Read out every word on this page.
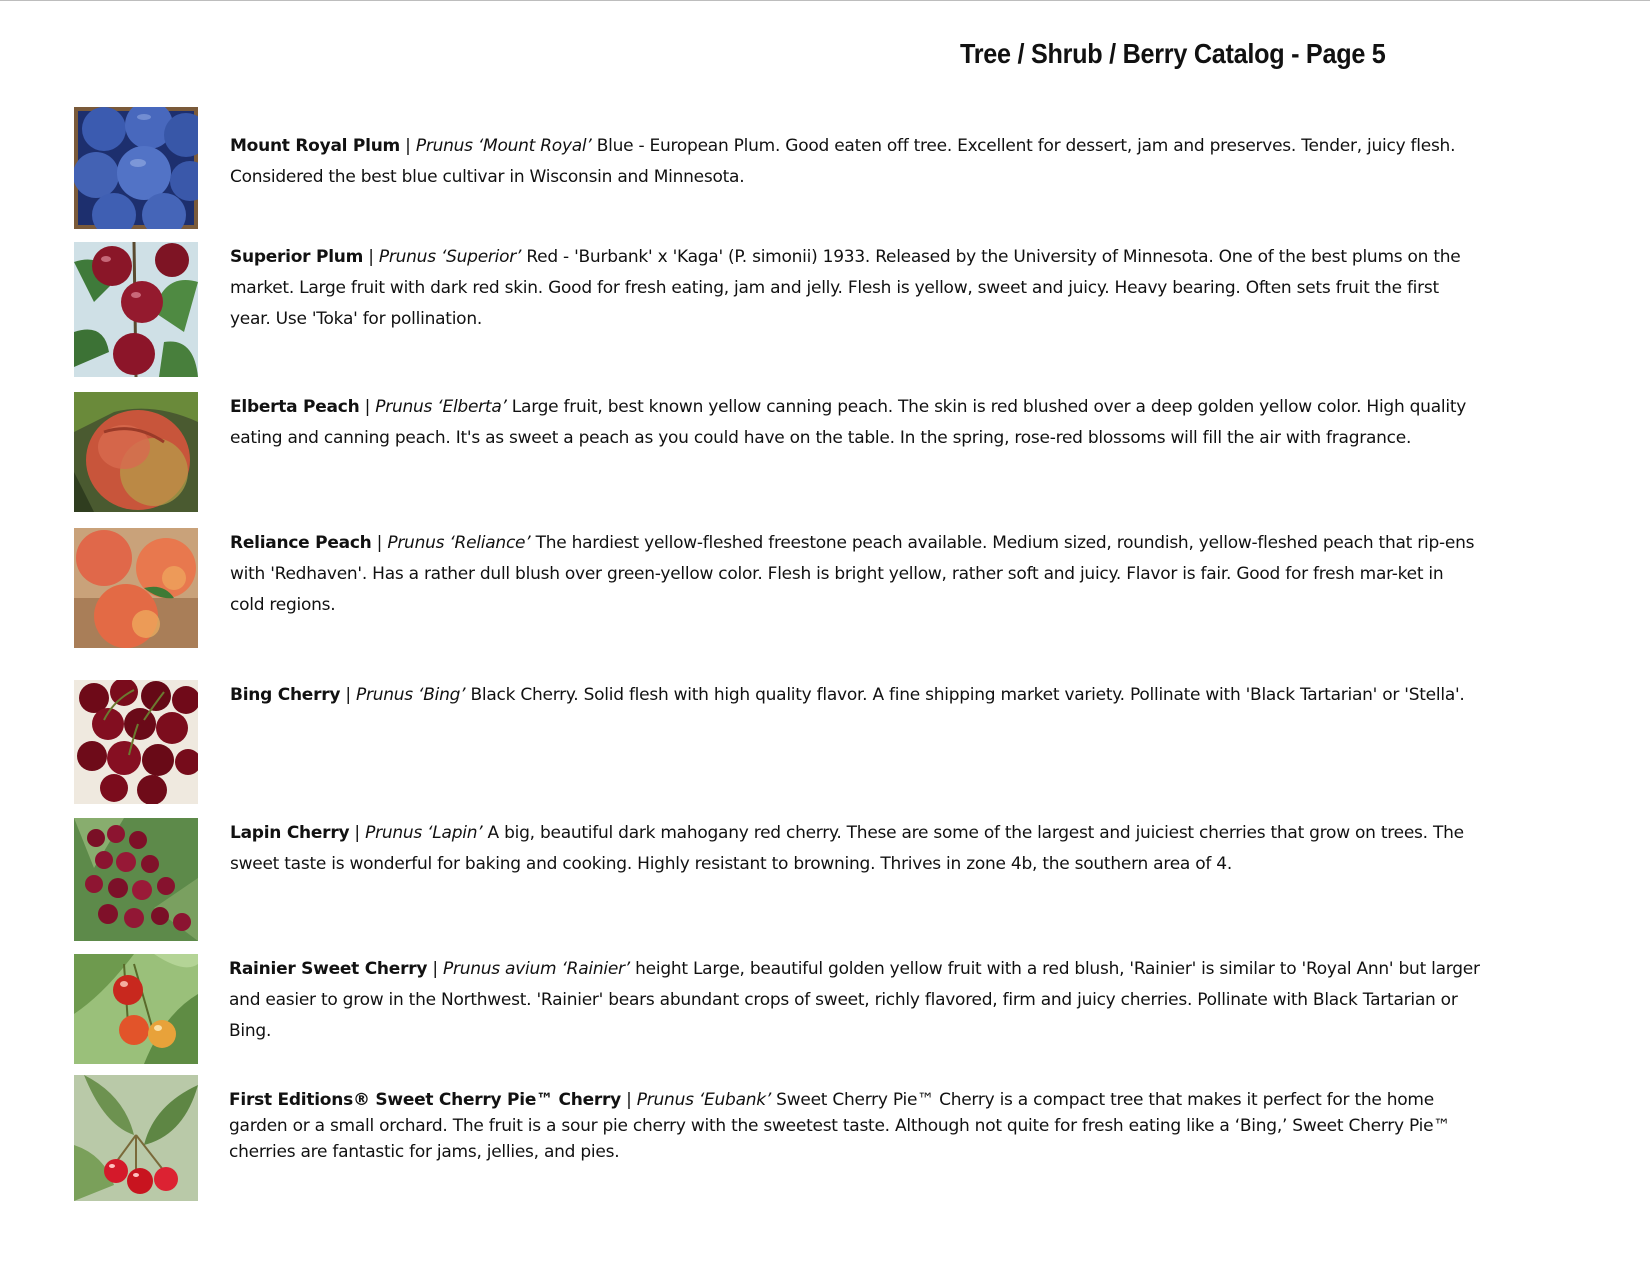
Tree / Shrub / Berry Catalog - Page 5
Mount Royal Plum | Prunus ‘Mount Royal’ Blue - European Plum. Good eaten off tree. Excellent for dessert, jam and preserves. Tender, juicy flesh. Considered the best blue cultivar in Wisconsin and Minnesota.
Superior Plum | Prunus ‘Superior’ Red - 'Burbank' x 'Kaga' (P. simonii) 1933. Released by the University of Minnesota. One of the best plums on the market. Large fruit with dark red skin. Good for fresh eating, jam and jelly. Flesh is yellow, sweet and juicy. Heavy bearing. Often sets fruit the first year. Use 'Toka' for pollination.
Elberta Peach | Prunus ‘Elberta’ Large fruit, best known yellow canning peach. The skin is red blushed over a deep golden yellow color. High quality eating and canning peach. It's as sweet a peach as you could have on the table. In the spring, rose-red blossoms will fill the air with fragrance.
Reliance Peach | Prunus ‘Reliance’ The hardiest yellow-fleshed freestone peach available. Medium sized, roundish, yellow-fleshed peach that rip-ens with 'Redhaven'. Has a rather dull blush over green-yellow color. Flesh is bright yellow, rather soft and juicy. Flavor is fair. Good for fresh mar-ket in cold regions.
Bing Cherry | Prunus ‘Bing’ Black Cherry. Solid flesh with high quality flavor. A fine shipping market variety. Pollinate with 'Black Tartarian' or 'Stella'.
Lapin Cherry | Prunus ‘Lapin’ A big, beautiful dark mahogany red cherry. These are some of the largest and juiciest cherries that grow on trees. The sweet taste is wonderful for baking and cooking. Highly resistant to browning. Thrives in zone 4b, the southern area of 4.
Rainier Sweet Cherry | Prunus avium ‘Rainier’ height Large, beautiful golden yellow fruit with a red blush, 'Rainier' is similar to 'Royal Ann' but larger and easier to grow in the Northwest. 'Rainier' bears abundant crops of sweet, richly flavored, firm and juicy cherries. Pollinate with Black Tartarian or Bing.
First Editions® Sweet Cherry Pie™ Cherry | Prunus ‘Eubank’ Sweet Cherry Pie™ Cherry is a compact tree that makes it perfect for the home garden or a small orchard. The fruit is a sour pie cherry with the sweetest taste. Although not quite for fresh eating like a ‘Bing,’ Sweet Cherry Pie™ cherries are fantastic for jams, jellies, and pies.
